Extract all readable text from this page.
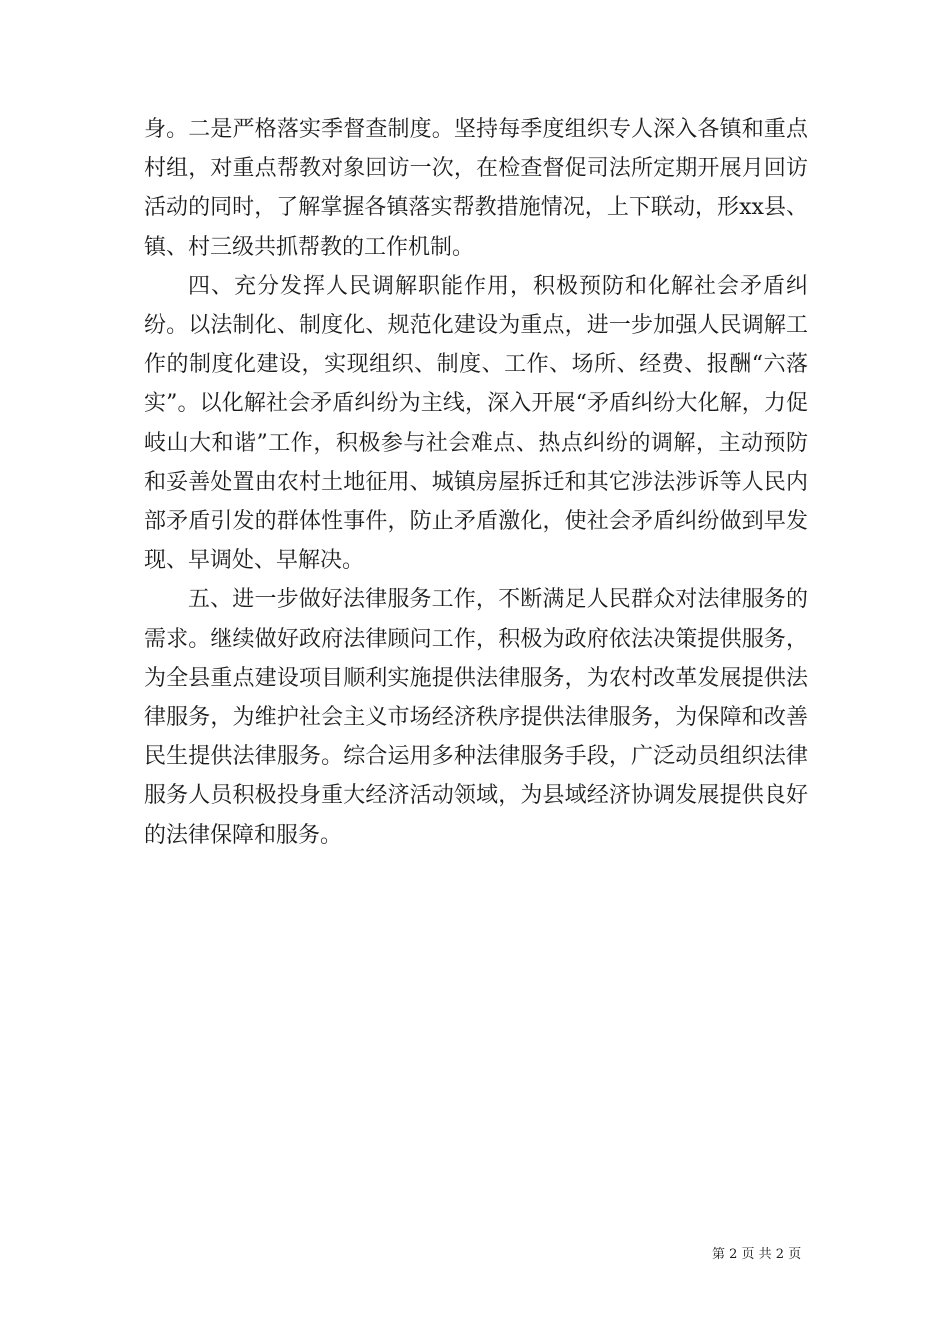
身。二是严格落实季督查制度。坚持每季度组织专人深入各镇和重点村组，对重点帮教对象回访一次，在检查督促司法所定期开展月回访活动的同时，了解掌握各镇落实帮教措施情况，上下联动，形xx县、镇、村三级共抓帮教的工作机制。

四、充分发挥人民调解职能作用，积极预防和化解社会矛盾纠纷。以法制化、制度化、规范化建设为重点，进一步加强人民调解工作的制度化建设，实现组织、制度、工作、场所、经费、报酬“六落实”。以化解社会矛盾纠纷为主线，深入开展“矛盾纠纷大化解，力促岐山大和谐”工作，积极参与社会难点、热点纠纷的调解，主动预防和妥善处置由农村土地征用、城镇房屋拆迁和其它涉法涉诉等人民内部矛盾引发的群体性事件，防止矛盾激化，使社会矛盾纠纷做到早发现、早调处、早解决。

五、进一步做好法律服务工作，不断满足人民群众对法律服务的需求。继续做好政府法律顾问工作，积极为政府依法决策提供服务，为全县重点建设项目顺利实施提供法律服务，为农村改革发展提供法律服务，为维护社会主义市场经济秩序提供法律服务，为保障和改善民生提供法律服务。综合运用多种法律服务手段，广泛动员组织法律服务人员积极投身重大经济活动领域，为县域经济协调发展提供良好的法律保障和服务。

第 2 页 共 2 页
